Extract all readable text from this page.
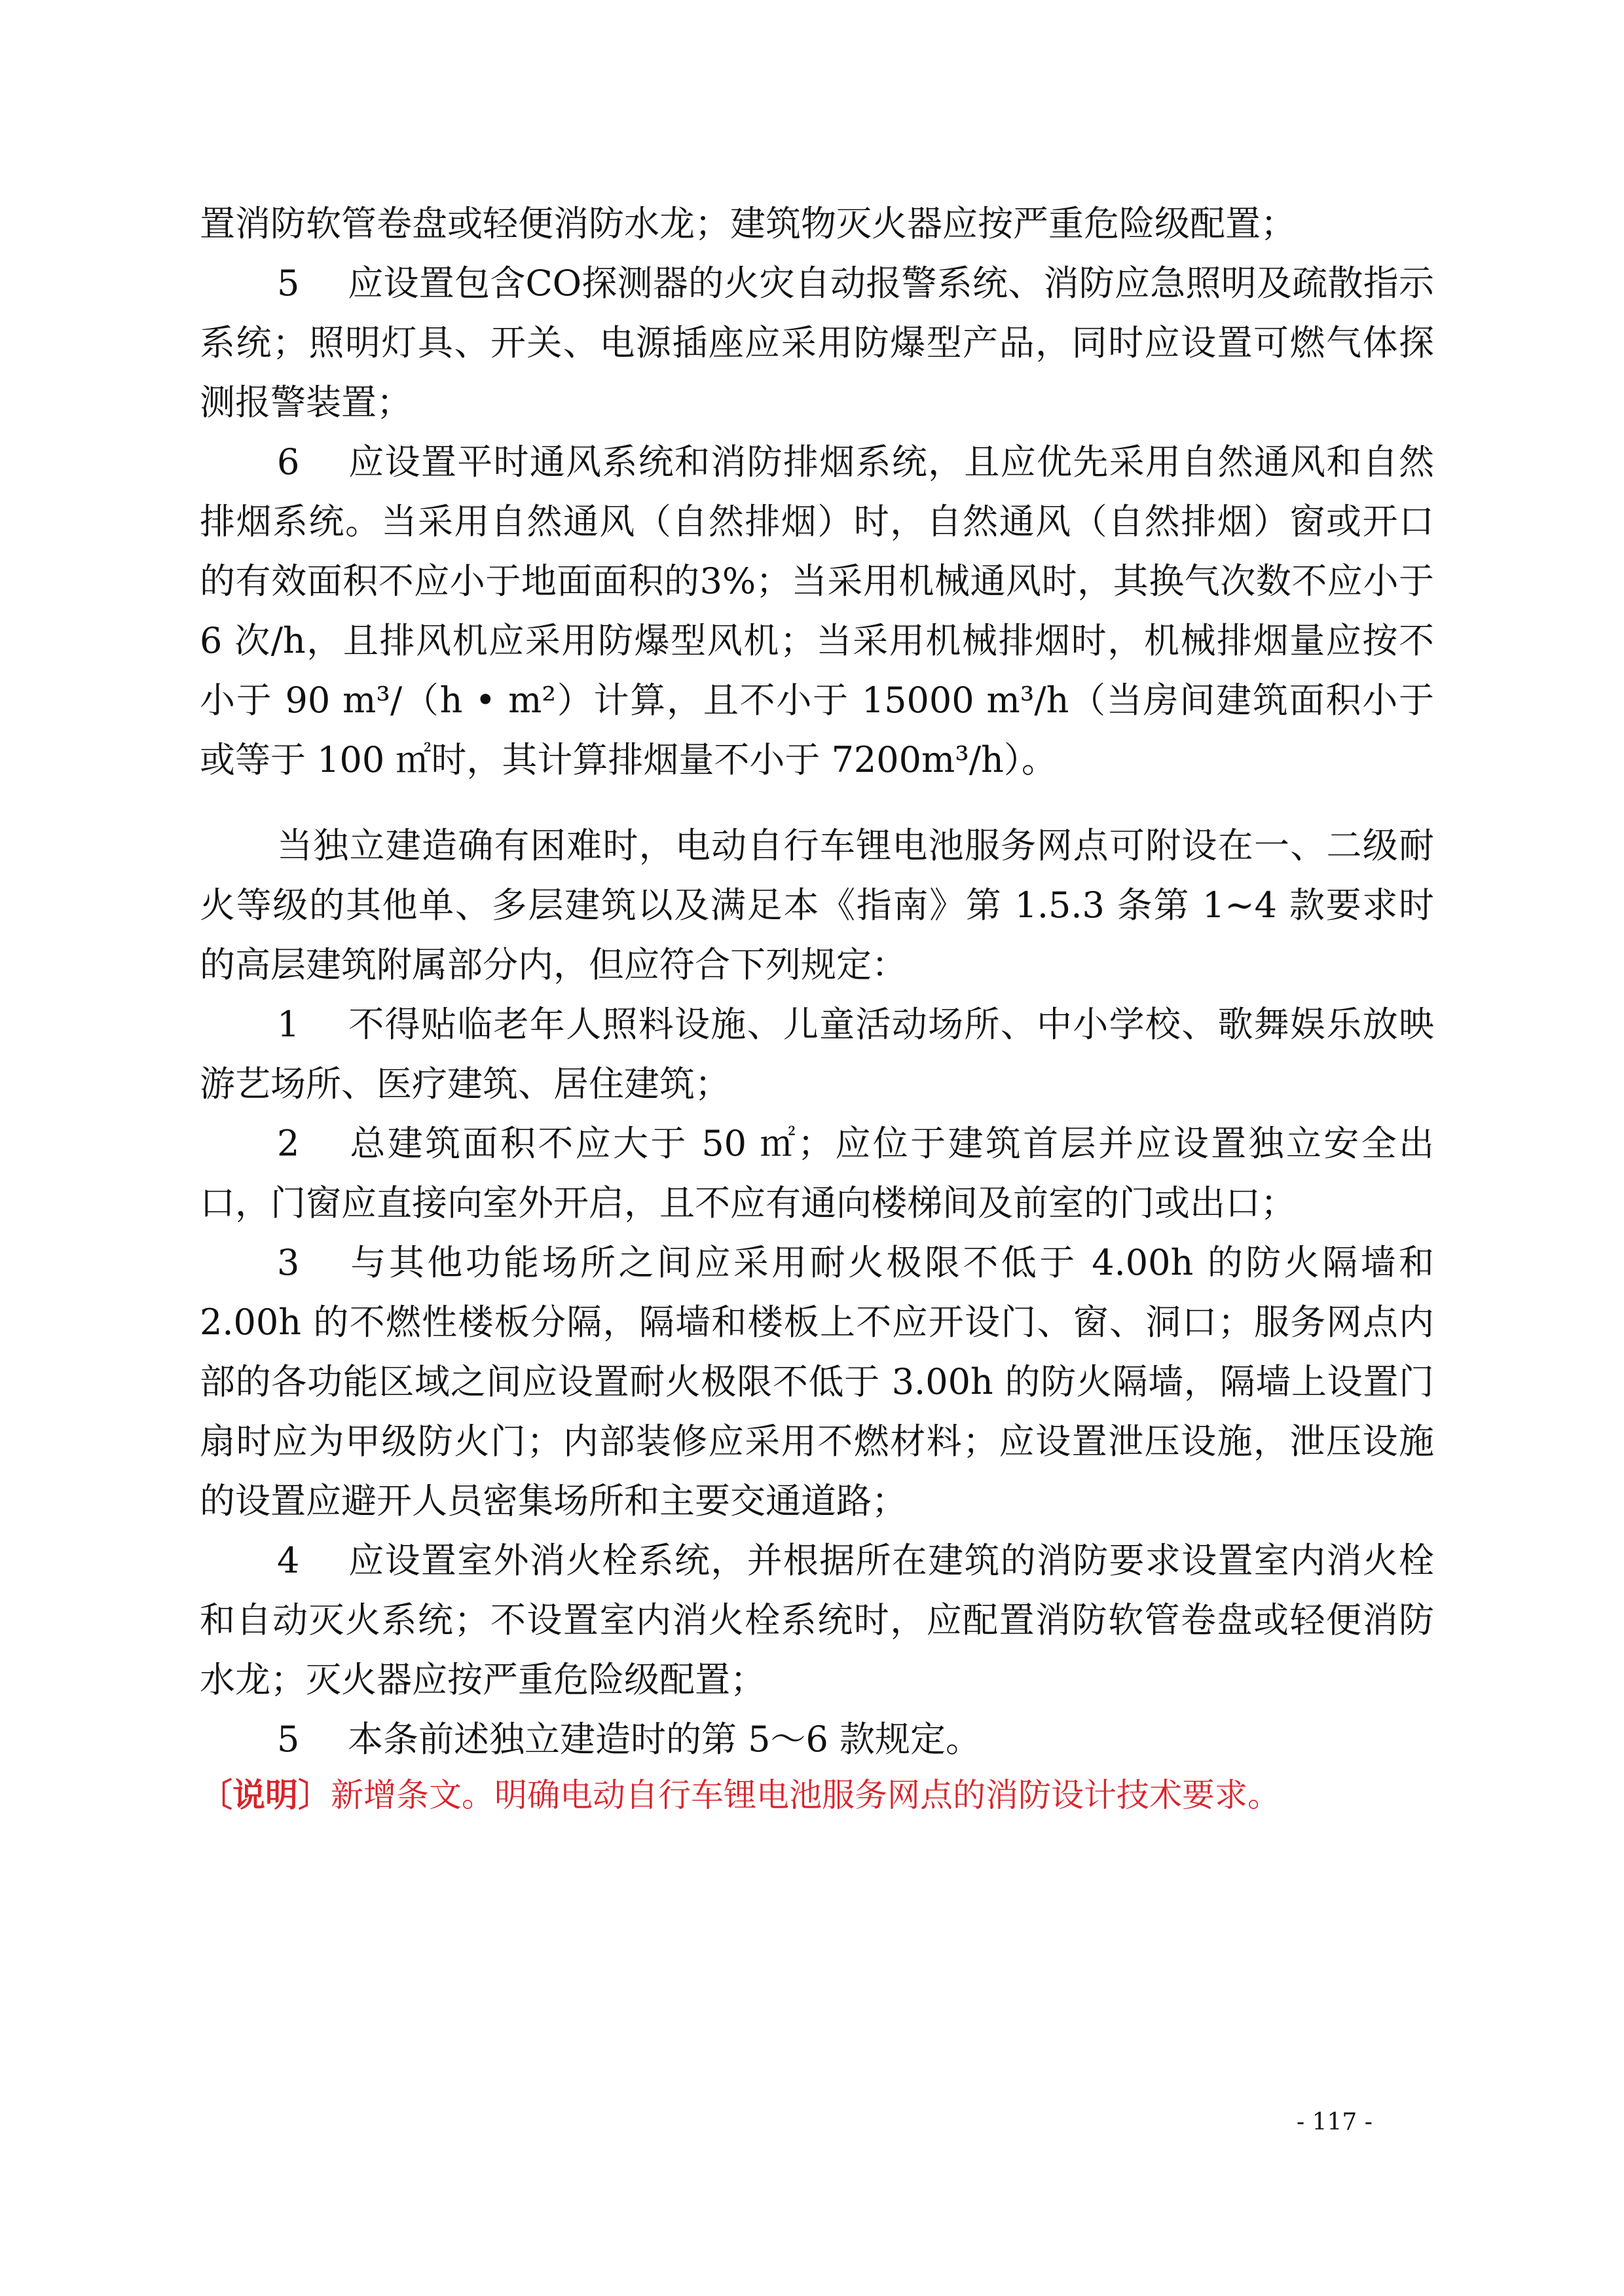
置消防软管卷盘或轻便消防水龙；建筑物灭火器应按严重危险级配置；

5 应设置包含CO探测器的火灾自动报警系统、消防应急照明及疏散指示系统；照明灯具、开关、电源插座应采用防爆型产品，同时应设置可燃气体探测报警装置；

6 应设置平时通风系统和消防排烟系统，且应优先采用自然通风和自然排烟系统。当采用自然通风（自然排烟）时，自然通风（自然排烟）窗或开口的有效面积不应小于地面面积的3%；当采用机械通风时，其换气次数不应小于 6 次/h，且排风机应采用防爆型风机；当采用机械排烟时，机械排烟量应按不小于 90 m³/（h • m²）计算，且不小于 15000 m³/h（当房间建筑面积小于或等于 100 ㎡时，其计算排烟量不小于 7200m³/h）。

当独立建造确有困难时，电动自行车锂电池服务网点可附设在一、二级耐火等级的其他单、多层建筑以及满足本《指南》第 1.5.3 条第 1~4 款要求时的高层建筑附属部分内，但应符合下列规定：

1 不得贴临老年人照料设施、儿童活动场所、中小学校、歌舞娱乐放映游艺场所、医疗建筑、居住建筑；

2 总建筑面积不应大于 50 ㎡；应位于建筑首层并应设置独立安全出口，门窗应直接向室外开启，且不应有通向楼梯间及前室的门或出口；

3 与其他功能场所之间应采用耐火极限不低于 4.00h 的防火隔墙和2.00h 的不燃性楼板分隔，隔墙和楼板上不应开设门、窗、洞口；服务网点内部的各功能区域之间应设置耐火极限不低于 3.00h 的防火隔墙，隔墙上设置门扇时应为甲级防火门；内部装修应采用不燃材料；应设置泄压设施，泄压设施的设置应避开人员密集场所和主要交通道路；

4 应设置室外消火栓系统，并根据所在建筑的消防要求设置室内消火栓和自动灭火系统；不设置室内消火栓系统时，应配置消防软管卷盘或轻便消防水龙；灭火器应按严重危险级配置；

5 本条前述独立建造时的第 5～6 款规定。

〔说明〕新增条文。明确电动自行车锂电池服务网点的消防设计技术要求。

- 117 -
